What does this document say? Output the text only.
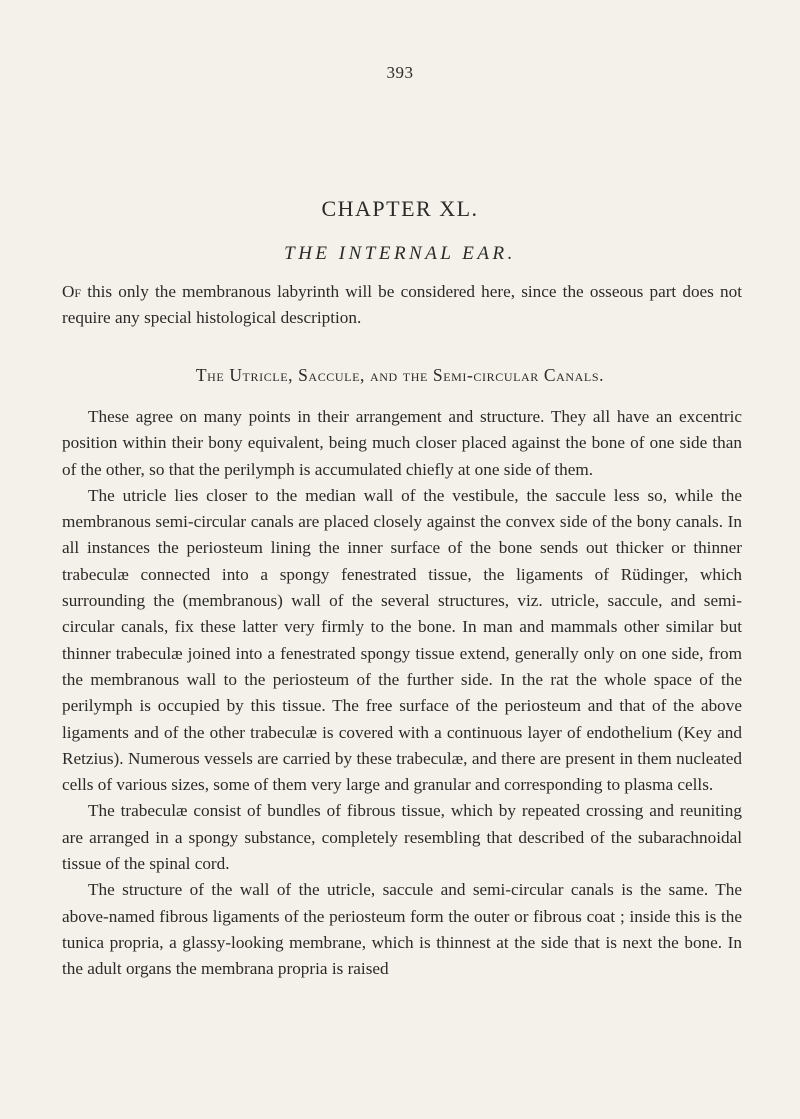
393
CHAPTER XL.
THE INTERNAL EAR.

Of this only the membranous labyrinth will be considered here, since the osseous part does not require any special histological description.

The Utricle, Saccule, and the Semi-circular Canals.

These agree on many points in their arrangement and structure. They all have an excentric position within their bony equivalent, being much closer placed against the bone of one side than of the other, so that the perilymph is accumulated chiefly at one side of them.

The utricle lies closer to the median wall of the vestibule, the saccule less so, while the membranous semi-circular canals are placed closely against the convex side of the bony canals. In all instances the periosteum lining the inner surface of the bone sends out thicker or thinner trabeculæ connected into a spongy fenestrated tissue, the ligaments of Rüdinger, which surrounding the (membranous) wall of the several structures, viz. utricle, saccule, and semi-circular canals, fix these latter very firmly to the bone. In man and mammals other similar but thinner trabeculæ joined into a fenestrated spongy tissue extend, generally only on one side, from the membranous wall to the periosteum of the further side. In the rat the whole space of the perilymph is occupied by this tissue. The free surface of the periosteum and that of the above ligaments and of the other trabeculæ is covered with a continuous layer of endothelium (Key and Retzius). Numerous vessels are carried by these trabeculæ, and there are present in them nucleated cells of various sizes, some of them very large and granular and corresponding to plasma cells.

The trabeculæ consist of bundles of fibrous tissue, which by repeated crossing and reuniting are arranged in a spongy substance, completely resembling that described of the subarachnoidal tissue of the spinal cord.

The structure of the wall of the utricle, saccule and semi-circular canals is the same. The above-named fibrous ligaments of the periosteum form the outer or fibrous coat ; inside this is the tunica propria, a glassy-looking membrane, which is thinnest at the side that is next the bone. In the adult organs the membrana propria is raised
